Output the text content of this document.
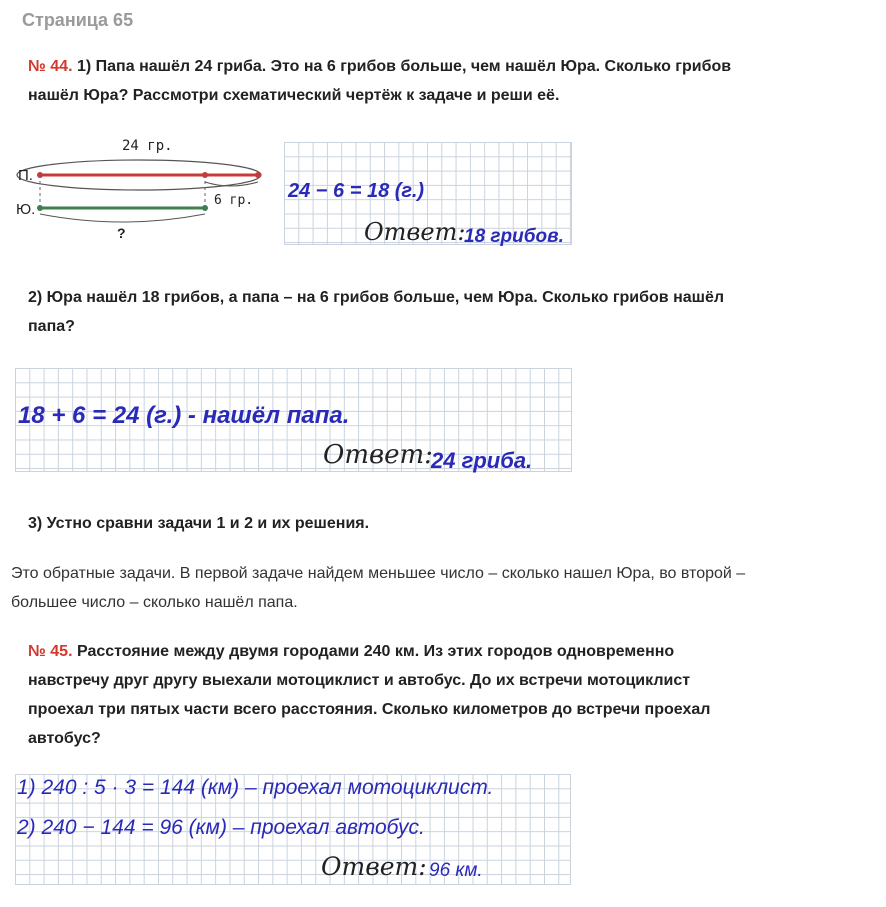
Страница 65
№ 44. 1) Папа нашёл 24 гриба. Это на 6 грибов больше, чем нашёл Юра. Сколько грибов
нашёл Юра? Рассмотри схематический чертёж к задаче и реши её.
24 гр.
П.
6 гр.
Ю.
?
24 − 6 = 18 (г.)
Ответ:
18 грибов.
2) Юра нашёл 18 грибов, а папа – на 6 грибов больше, чем Юра. Сколько грибов нашёл
папа?
18 + 6 = 24 (г.) - нашёл папа.
Ответ:
24 гриба.
3) Устно сравни задачи 1 и 2 и их решения.
Это обратные задачи. В первой задаче найдем меньшее число – сколько нашел Юра, во второй –
большее число – сколько нашёл папа.
№ 45. Расстояние между двумя городами 240 км. Из этих городов одновременно
навстречу друг другу выехали мотоциклист и автобус. До их встречи мотоциклист
проехал три пятых части всего расстояния. Сколько километров до встречи проехал
автобус?
1) 240 : 5 · 3 = 144 (км) – проехал мотоциклист.
2) 240 − 144 = 96 (км) – проехал автобус.
Ответ: 96 км.
